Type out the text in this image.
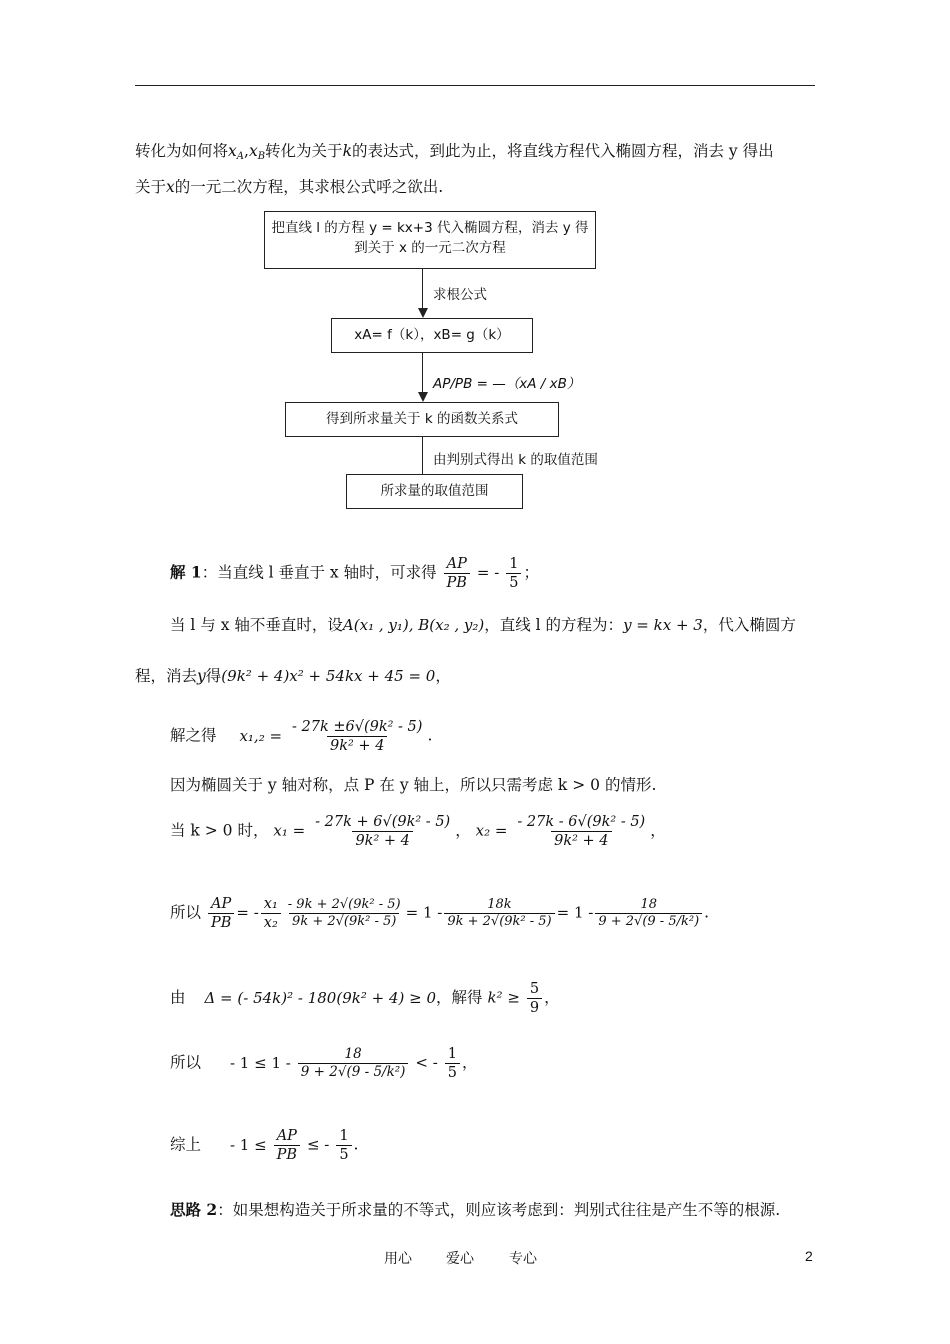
转化为如何将$x_A,x_B$转化为关于k的表达式，到此为止，将直线方程代入椭圆方程，消去 y 得出
关于x的一元二次方程，其求根公式呼之欲出.
把直线 l 的方程 y = kx+3 代入椭圆方程，消去 y 得
到关于 x 的一元二次方程
求根公式
xA= f（k），xB= g（k）
AP/PB = —（xA / xB）
得到所求量关于 k 的函数关系式
由判别式得出 k 的取值范围
所求量的取值范围
解 1：当直线 l 垂直于 x 轴时，可求得 $\frac{AP}{PB}$ = - $\frac{1}{5}$ ；
当 l 与 x 轴不垂直时，设A(x₁ , y₁), B(x₂ , y₂)，直线 l 的方程为：y = kx + 3，代入椭圆方
程，消去y得(9k² + 4)x² + 54kx + 45 = 0，
解之得 $x_1,_2 = \frac{\text{- 27k ±6√(9k² - 5)}}{\text{9k² + 4}}$ .
因为椭圆关于 y 轴对称，点 P 在 y 轴上，所以只需考虑 k > 0 的情形.
当 k > 0 时， $x_1 = \frac{\text{- 27k + 6√(9k² - 5)}}{\text{9k² + 4}}$ ， $x_2 = \frac{\text{- 27k - 6√(9k² - 5)}}{\text{9k² + 4}}$ ，
所以 $\frac{AP}{PB}$ = - $\frac{\text{x₁}}{\text{x₂}} \frac{\text{- 9k + 2√(9k² - 5)}}{\text{9k + 2√(9k² - 5)}} = 1 - \frac{18k}{\text{9k + 2√(9k² - 5)}} = 1 - \frac{18}{\text{9 + 2√(9 - 5/k²)}}$ .
由 Δ = (- 54k)² - 180(9k² + 4) ≥ 0，解得 $k^2 \ge \frac{5}{9}$ ，
所以 - $1 \le 1 - \frac{18}{\text{9 + 2√(9 - 5/k²)}}$ < - $\frac{1}{5}$ ，
综上 - $1 \le \frac{AP}{PB}$ ≤ - $\frac{1}{5}$ .
思路 2：如果想构造关于所求量的不等式，则应该考虑到：判别式往往是产生不等的根源.
用心 爱心	专心	2
